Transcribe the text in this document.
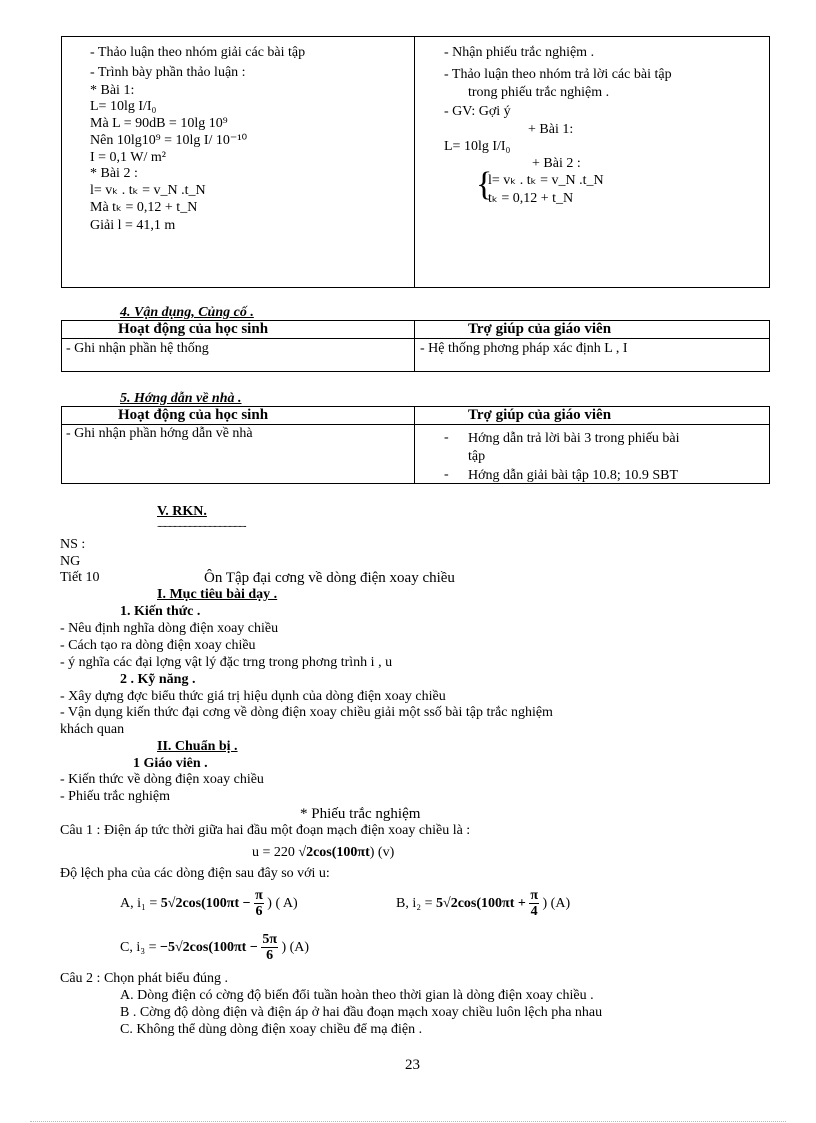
- Thảo luận theo nhóm giải các bài tập
- Trình bày phần thảo luận :
* Bài 1:
L= 10lg I/I₀
Mà L = 90dB = 10lg 10⁹
Nên 10lg10⁹ = 10lg I/ 10⁻¹⁰
I = 0,1 W/ m²
* Bài 2 :
l= vₖ . tₖ = v_N .t_N
Mà tₖ = 0,12 + t_N
Giải l = 41,1 m
- Nhận phiếu trắc nghiệm .
- Thảo luận theo nhóm trả lời các bài tập
trong phiếu trắc nghiệm .
- GV: Gợi ý
+ Bài 1:
L= 10lg I/I₀
+ Bài 2 :
{
l= vₖ . tₖ = v_N .t_N
tₖ = 0,12 + t_N
4. Vận dụng, Củng cố .
Hoạt động của học sinh	Trợ giúp của giáo viên
- Ghi nhận phần hệ thống	- Hệ thống phơng pháp xác định L , I
5. Hớng dẫn về nhà .
Hoạt động của học sinh	Trợ giúp của giáo viên
- Ghi nhận phần hớng dẫn về nhà	- Hớng dẫn trả lời bài 3 trong phiếu bài
tập
- Hớng dẫn giải bài tập 10.8; 10.9 SBT
V. RKN.
.......................................................................
NS :
NG
Tiết 10	Ôn Tập đại cơng về dòng điện xoay chiều
I. Mục tiêu bài dạy .
1. Kiến thức .
- Nêu định nghĩa dòng điện xoay chiều
- Cách tạo ra dòng điện xoay chiều
- ý nghĩa các đại lợng vật lý đặc trng trong phơng trình i , u
2 . Kỹ năng .
- Xây dựng đợc biểu thức giá trị hiệu dụnh của dòng điện xoay chiều
- Vận dụng kiến thức đại cơng về dòng điện xoay chiều giải một ssố bài tập trắc nghiệm
khách quan
II. Chuẩn bị .
1 Giáo viên .
- Kiến thức về dòng điện xoay chiều
- Phiếu trắc nghiệm
* Phiếu trắc nghiệm
Câu 1 : Điện áp tức thời giữa hai đầu một đoạn mạch điện xoay chiều là :
u = 220 √2cos(100πt) (v)
Độ lệch pha của các dòng điện sau đây so với u:
A, $i_1 = 5√2\cos(100\pi t - \frac{\pi}{6}$ ) ( A)	B, $i_2 = 5√2\cos(100\pi t + \frac{\pi}{4}$ ) (A)
C, $i_3 = -5√2\cos(100\pi t - \frac{5\pi}{6}$ ) (A)
Câu 2 : Chọn phát biểu đúng .
A. Dòng điện có cờng độ biến đổi tuần hoàn theo thời gian là dòng điện xoay chiều .
B . Cờng độ dòng điện và điện áp ở hai đầu đoạn mạch xoay chiều luôn lệch pha nhau
C. Không thể dùng dòng điện xoay chiều để mạ điện .
23
